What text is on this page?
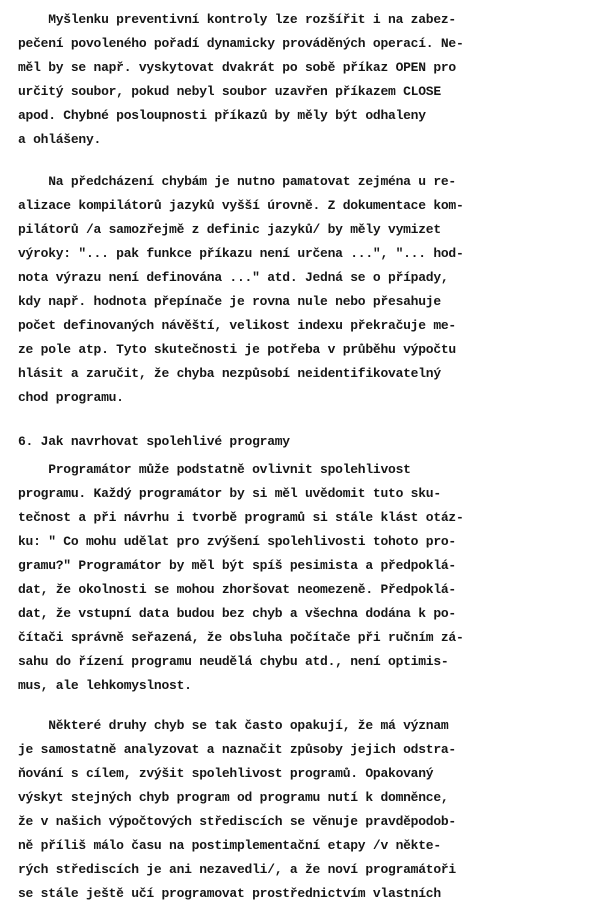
Myšlenku preventivní kontroly lze rozšířit i na zabez-
pečení povoleného pořadí dynamicky prováděných operací. Ne-
měl by se např. vyskytovat dvakrát po sobě příkaz OPEN pro
určitý soubor, pokud nebyl soubor uzavřen příkazem CLOSE
apod. Chybné posloupnosti příkazů by měly být odhaleny
a ohlášeny.
Na předcházení chybám je nutno pamatovat zejména u re-
alizace kompilátorů jazyků vyšší úrovně. Z dokumentace kom-
pilátorů /a samozřejmě z definic jazyků/ by měly vymizet
výroky: "... pak funkce příkazu není určena ...", "... hod-
nota výrazu není definována ..." atd. Jedná se o případy,
kdy např. hodnota přepínače je rovna nule nebo přesahuje
počet definovaných návěští, velikost indexu překračuje me-
ze pole atp. Tyto skutečnosti je potřeba v průběhu výpočtu
hlásit a zaručit, že chyba nezpůsobí neidentifikovatelný
chod programu.
6. Jak navrhovat spolehlivé programy
Programátor může podstatně ovlivnit spolehlivost
programu. Každý programátor by si měl uvědomit tuto sku-
tečnost a při návrhu i tvorbě programů si stále klást otáz-
ku: " Co mohu udělat pro zvýšení spolehlivosti tohoto pro-
gramu?" Programátor by měl být spíš pesimista a předpoklá-
dat, že okolnosti se mohou zhoršovat neomezeně. Předpoklá-
dat, že vstupní data budou bez chyb a všechna dodána k po-
čítači správně seřazená, že obsluha počítače při ručním zá-
sahu do řízení programu neudělá chybu atd., není optimis-
mus, ale lehkomyslnost.
Některé druhy chyb se tak často opakují, že má význam
je samostatně analyzovat a naznačit způsoby jejich odstra-
ňování s cílem, zvýšit spolehlivost programů. Opakovaný
výskyt stejných chyb program od programu nutí k domněnce,
že v našich výpočtových střediscích se věnuje pravděpodob-
ně příliš málo času na postimplementační etapy /v někte-
rých střediscích je ani nezavedli/, a že noví programátoři
se stále ještě učí programovat prostřednictvím vlastních
